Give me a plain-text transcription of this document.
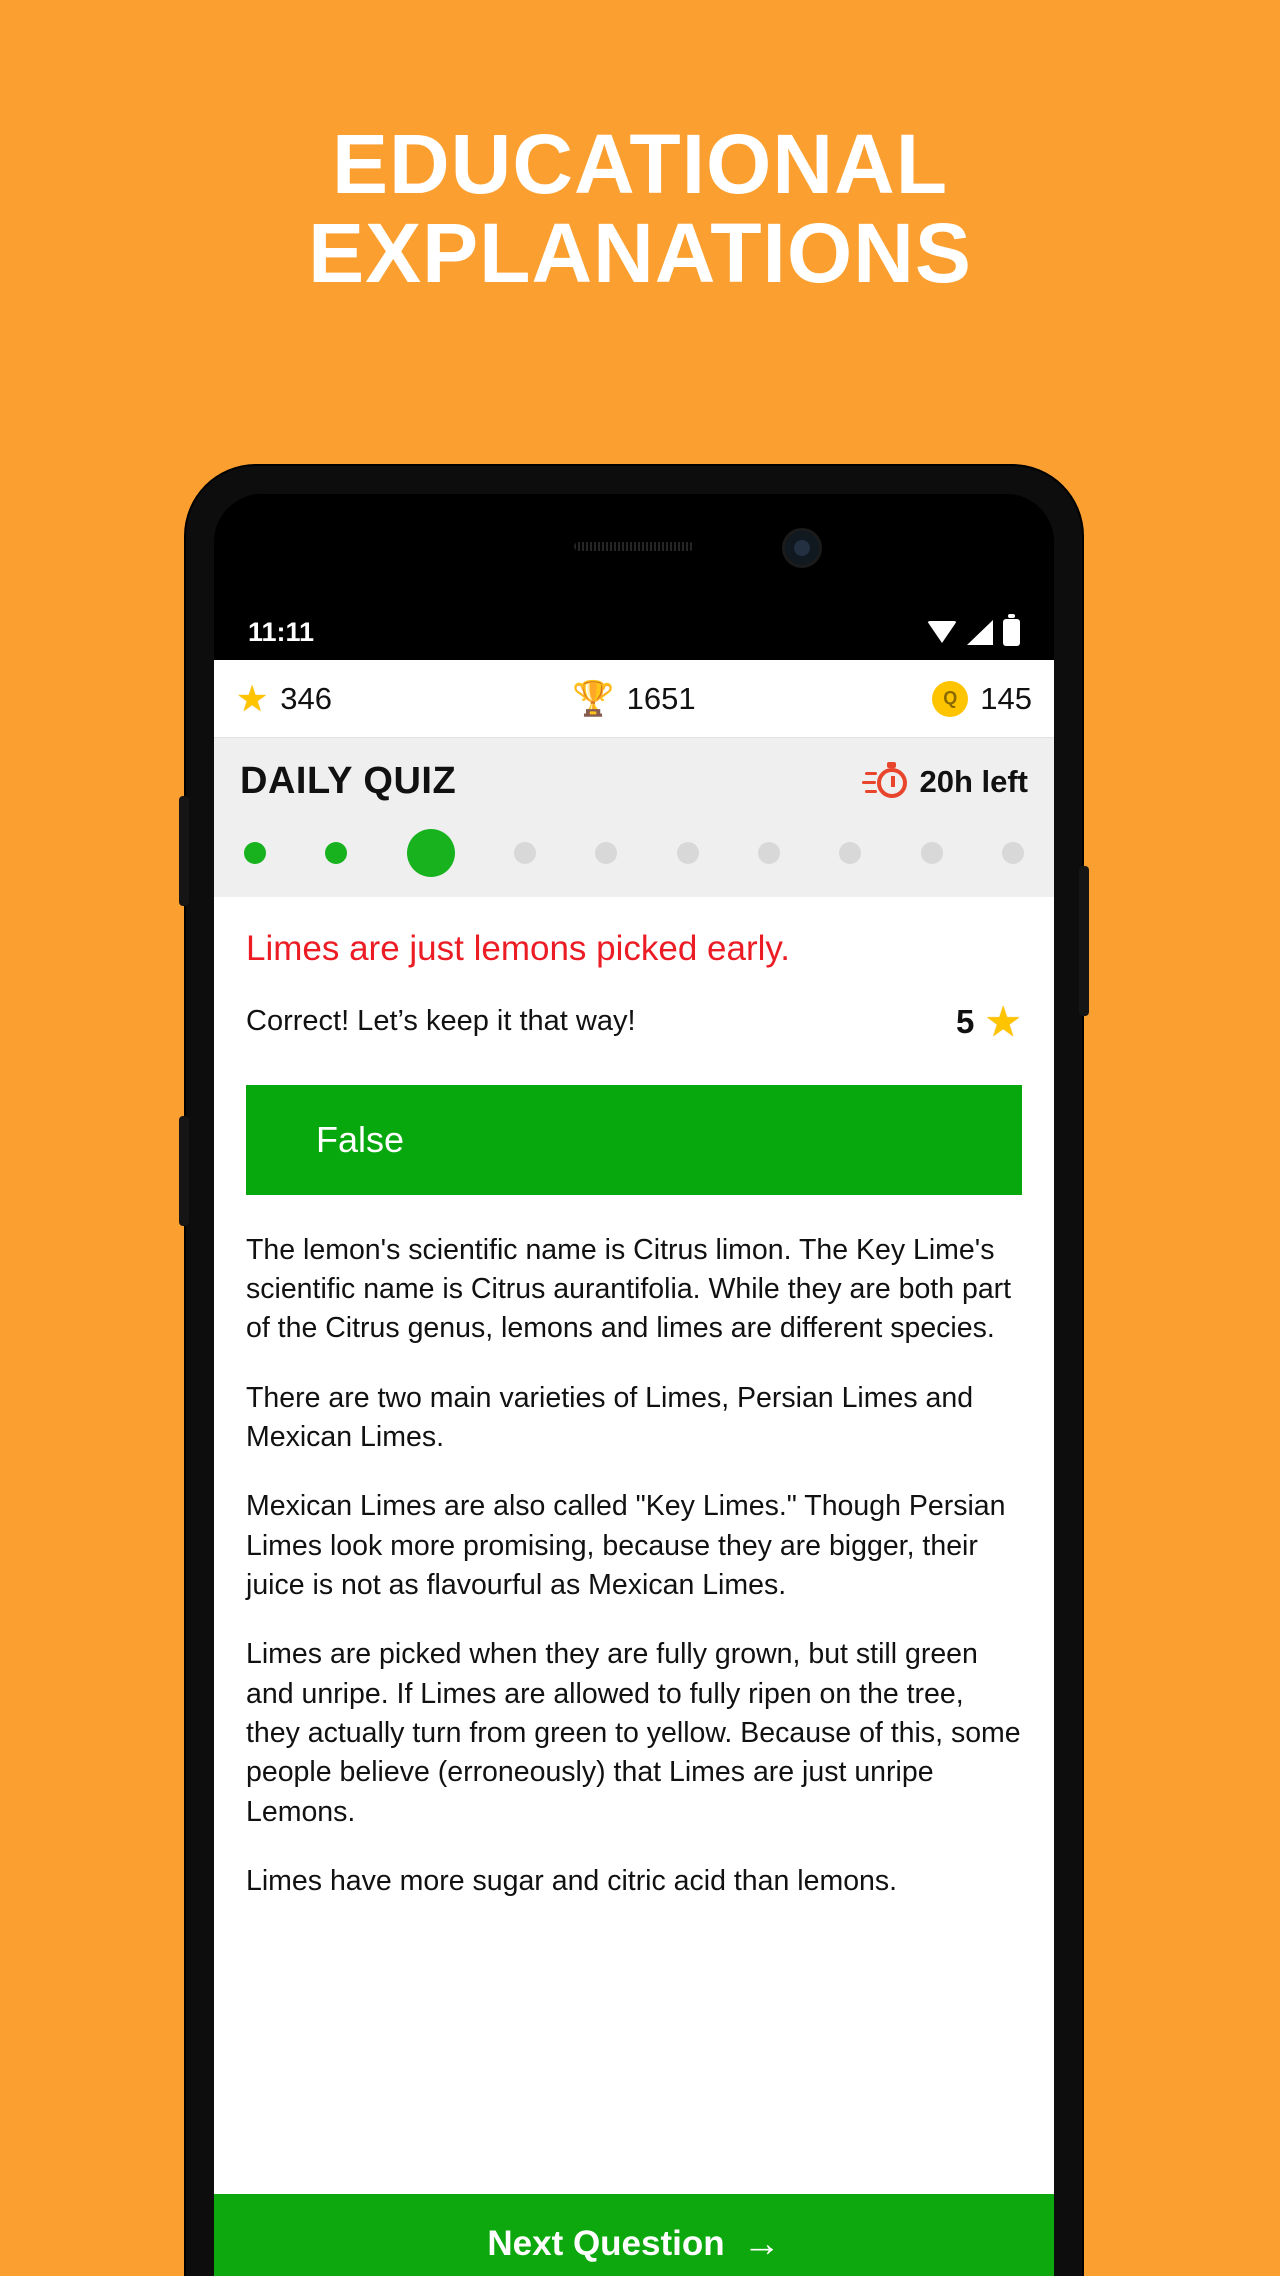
EDUCATIONAL
EXPLANATIONS
11:11
★ 346	🏆 1651	Q 145
DAILY QUIZ	20h left
Limes are just lemons picked early.
Correct! Let’s keep it that way!	5 ★
False

The lemon's scientific name is Citrus limon. The Key Lime's scientific name is Citrus aurantifolia. While they are both part of the Citrus genus, lemons and limes are different species.

There are two main varieties of Limes, Persian Limes and Mexican Limes.

Mexican Limes are also called "Key Limes." Though Persian Limes look more promising, because they are bigger, their juice is not as flavourful as Mexican Limes.

Limes are picked when they are fully grown, but still green and unripe. If Limes are allowed to fully ripen on the tree, they actually turn from green to yellow. Because of this, some people believe (erroneously) that Limes are just unripe Lemons.

Limes have more sugar and citric acid than lemons.

Next Question →
